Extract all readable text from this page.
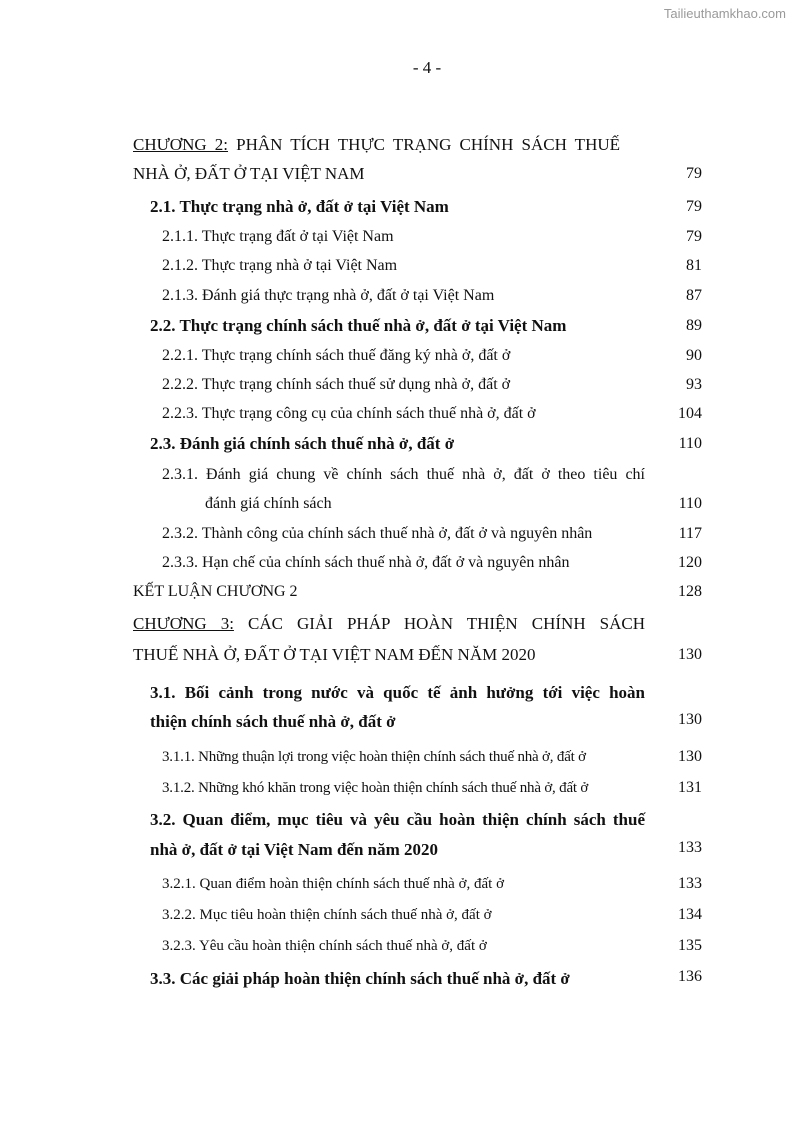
Tailieuthamkhao.com
- 4 -
CHƯƠNG 2: PHÂN TÍCH THỰC TRẠNG CHÍNH SÁCH THUẾ
NHÀ Ở, ĐẤT Ở TẠI VIỆT NAM	79
2.1. Thực trạng nhà ở, đất ở tại Việt Nam	79
2.1.1. Thực trạng đất ở tại Việt Nam	79
2.1.2. Thực trạng nhà ở tại Việt Nam	81
2.1.3. Đánh giá thực trạng nhà ở, đất ở tại Việt Nam	87
2.2. Thực trạng chính sách thuế nhà ở, đất ở tại Việt Nam	89
2.2.1. Thực trạng chính sách thuế đăng ký nhà ở, đất ở	90
2.2.2. Thực trạng chính sách thuế sử dụng nhà ở, đất ở	93
2.2.3. Thực trạng công cụ của chính sách thuế nhà ở, đất ở	104
2.3. Đánh giá chính sách thuế nhà ở, đất ở	110
2.3.1. Đánh giá chung về chính sách thuế nhà ở, đất ở theo tiêu chí
đánh giá chính sách	110
2.3.2. Thành công của chính sách thuế nhà ở, đất ở và nguyên nhân	117
2.3.3. Hạn chế của chính sách thuế nhà ở, đất ở và nguyên nhân	120
KẾT LUẬN CHƯƠNG 2	128
CHƯƠNG 3: CÁC GIẢI PHÁP HOÀN THIỆN CHÍNH SÁCH
THUẾ NHÀ Ở, ĐẤT Ở TẠI VIỆT NAM ĐẾN NĂM 2020	130
3.1. Bối cảnh trong nước và quốc tế ảnh hưởng tới việc hoàn
thiện chính sách thuế nhà ở, đất ở	130
3.1.1. Những thuận lợi trong việc hoàn thiện chính sách thuế nhà ở, đất ở	130
3.1.2. Những khó khăn trong việc hoàn thiện chính sách thuế nhà ở, đất ở	131
3.2. Quan điểm, mục tiêu và yêu cầu hoàn thiện chính sách thuế
nhà ở, đất ở tại Việt Nam đến năm 2020	133
3.2.1. Quan điểm hoàn thiện chính sách thuế nhà ở, đất ở	133
3.2.2. Mục tiêu hoàn thiện chính sách thuế nhà ở, đất ở	134
3.2.3. Yêu cầu hoàn thiện chính sách thuế nhà ở, đất ở	135
3.3. Các giải pháp hoàn thiện chính sách thuế nhà ở, đất ở	136
